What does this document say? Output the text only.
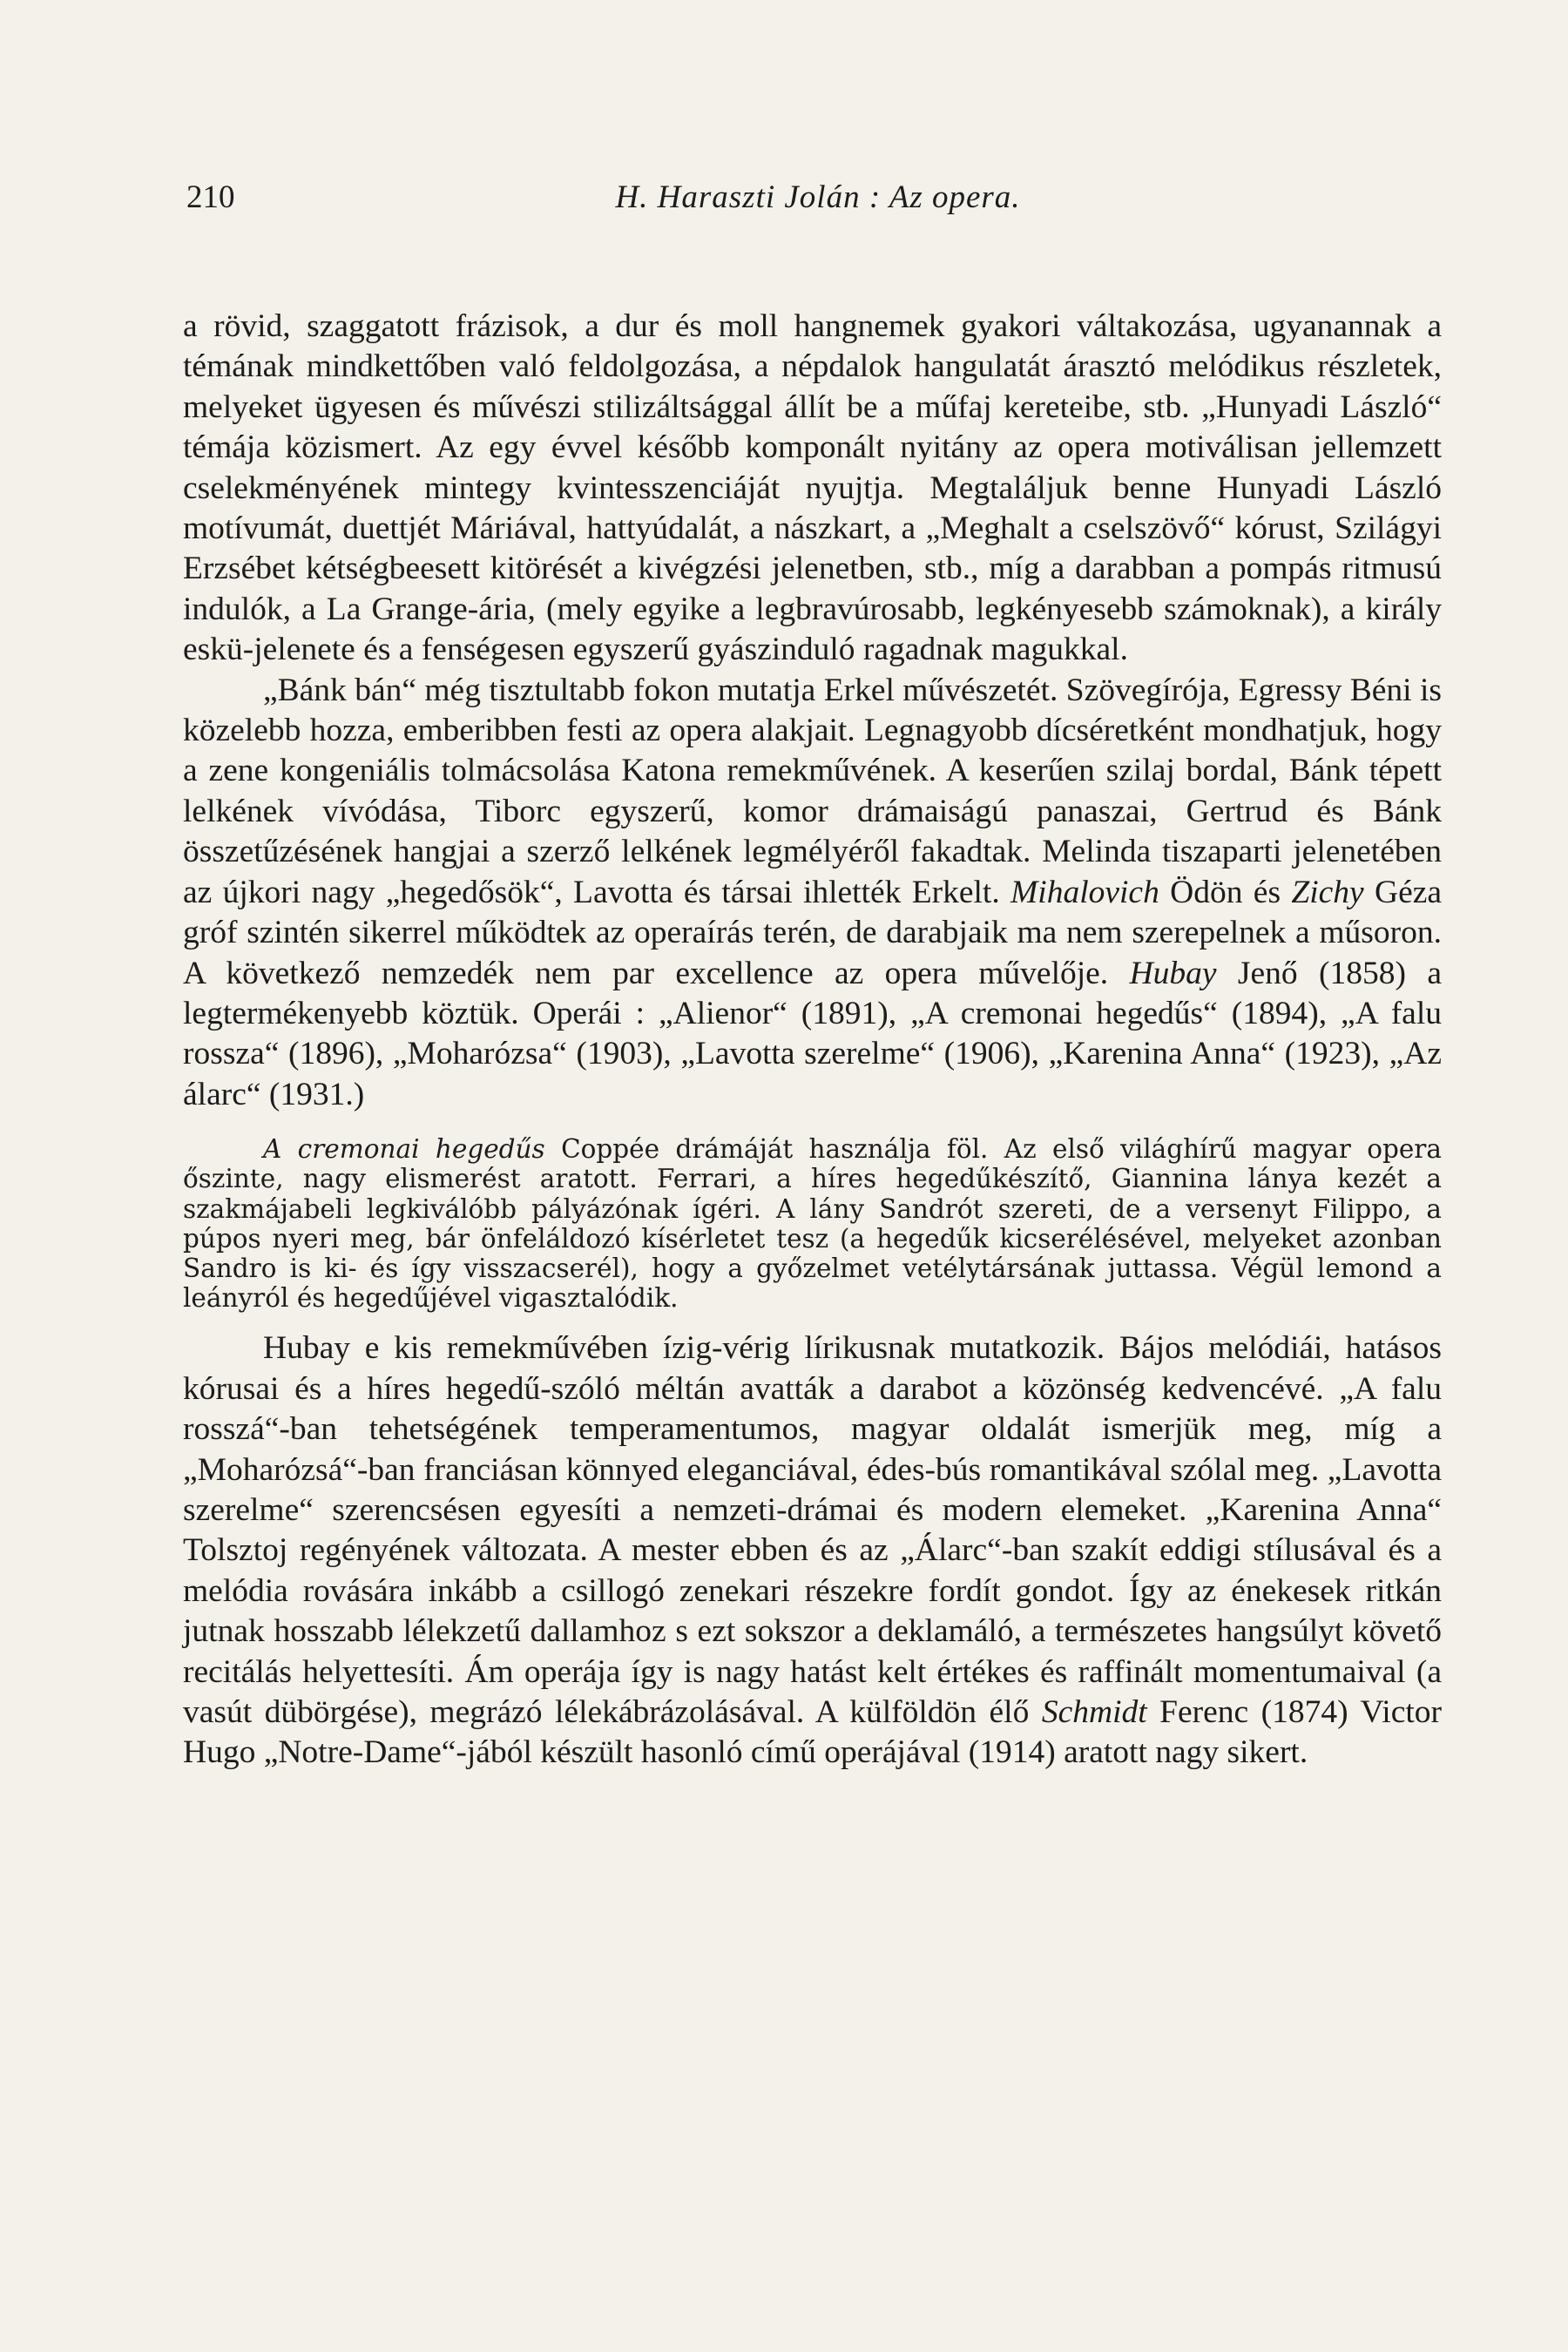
210	H. Haraszti Jolán : Az opera.

a rövid, szaggatott frázisok, a dur és moll hangnemek gyakori váltakozása, ugyanannak a témának mindkettőben való feldolgozása, a népdalok hangulatát árasztó melódikus részletek, melyeket ügyesen és művészi stilizáltsággal állít be a műfaj kereteibe, stb. „Hunyadi László“ témája közismert. Az egy évvel később komponált nyitány az opera motiválisan jellemzett cselekményének mintegy kvintesszenciáját nyujtja. Megtaláljuk benne Hunyadi László motívumát, duettjét Máriával, hattyúdalát, a nászkart, a „Meghalt a cselszövő“ kórust, Szilágyi Erzsébet kétségbeesett kitörését a kivégzési jelenetben, stb., míg a darabban a pompás ritmusú indulók, a La Grange-ária, (mely egyike a legbravúrosabb, legkényesebb számoknak), a király eskü-jelenete és a fenségesen egyszerű gyászinduló ragadnak magukkal.

„Bánk bán“ még tisztultabb fokon mutatja Erkel művészetét. Szövegírója, Egressy Béni is közelebb hozza, emberibben festi az opera alakjait. Legnagyobb dícséretként mondhatjuk, hogy a zene kongeniális tolmácsolása Katona remekművének. A keserűen szilaj bordal, Bánk tépett lelkének vívódása, Tiborc egyszerű, komor drámaiságú panaszai, Gertrud és Bánk összetűzésének hangjai a szerző lelkének legmélyéről fakadtak. Melinda tiszaparti jelenetében az újkori nagy „hegedősök“, Lavotta és társai ihlették Erkelt. Mihalovich Ödön és Zichy Géza gróf szintén sikerrel működtek az operaírás terén, de darabjaik ma nem szerepelnek a műsoron. A következő nemzedék nem par excellence az opera művelője. Hubay Jenő (1858) a legtermékenyebb köztük. Operái : „Alienor“ (1891), „A cremonai hegedűs“ (1894), „A falu rossza“ (1896), „Moharózsa“ (1903), „Lavotta szerelme“ (1906), „Karenina Anna“ (1923), „Az álarc“ (1931.)

A cremonai hegedűs Coppée drámáját használja föl. Az első világhírű magyar opera őszinte, nagy elismerést aratott. Ferrari, a híres hegedűkészítő, Giannina lánya kezét a szakmájabeli legkiválóbb pályázónak ígéri. A lány Sandrót szereti, de a versenyt Filippo, a púpos nyeri meg, bár önfeláldozó kísérletet tesz (a hegedűk kicserélésével, melyeket azonban Sandro is ki- és így visszacserél), hogy a győzelmet vetélytársának juttassa. Végül lemond a leányról és hegedűjével vigasztalódik.

Hubay e kis remekművében ízig-vérig lírikusnak mutatkozik. Bájos melódiái, hatásos kórusai és a híres hegedű-szóló méltán avatták a darabot a közönség kedvencévé. „A falu rosszá“-ban tehetségének temperamentumos, magyar oldalát ismerjük meg, míg a „Moharózsá“-ban franciásan könnyed eleganciával, édes-bús romantikával szólal meg. „Lavotta szerelme“ szerencsésen egyesíti a nemzeti-drámai és modern elemeket. „Karenina Anna“ Tolsztoj regényének változata. A mester ebben és az „Álarc“-ban szakít eddigi stílusával és a melódia rovására inkább a csillogó zenekari részekre fordít gondot. Így az énekesek ritkán jutnak hosszabb lélekzetű dallamhoz s ezt sokszor a deklamáló, a természetes hangsúlyt követő recitálás helyettesíti. Ám operája így is nagy hatást kelt értékes és raffinált momentumaival (a vasút dübörgése), megrázó lélekábrázolásával. A külföldön élő Schmidt Ferenc (1874) Victor Hugo „Notre-Dame“-jából készült hasonló című operájával (1914) aratott nagy sikert.
